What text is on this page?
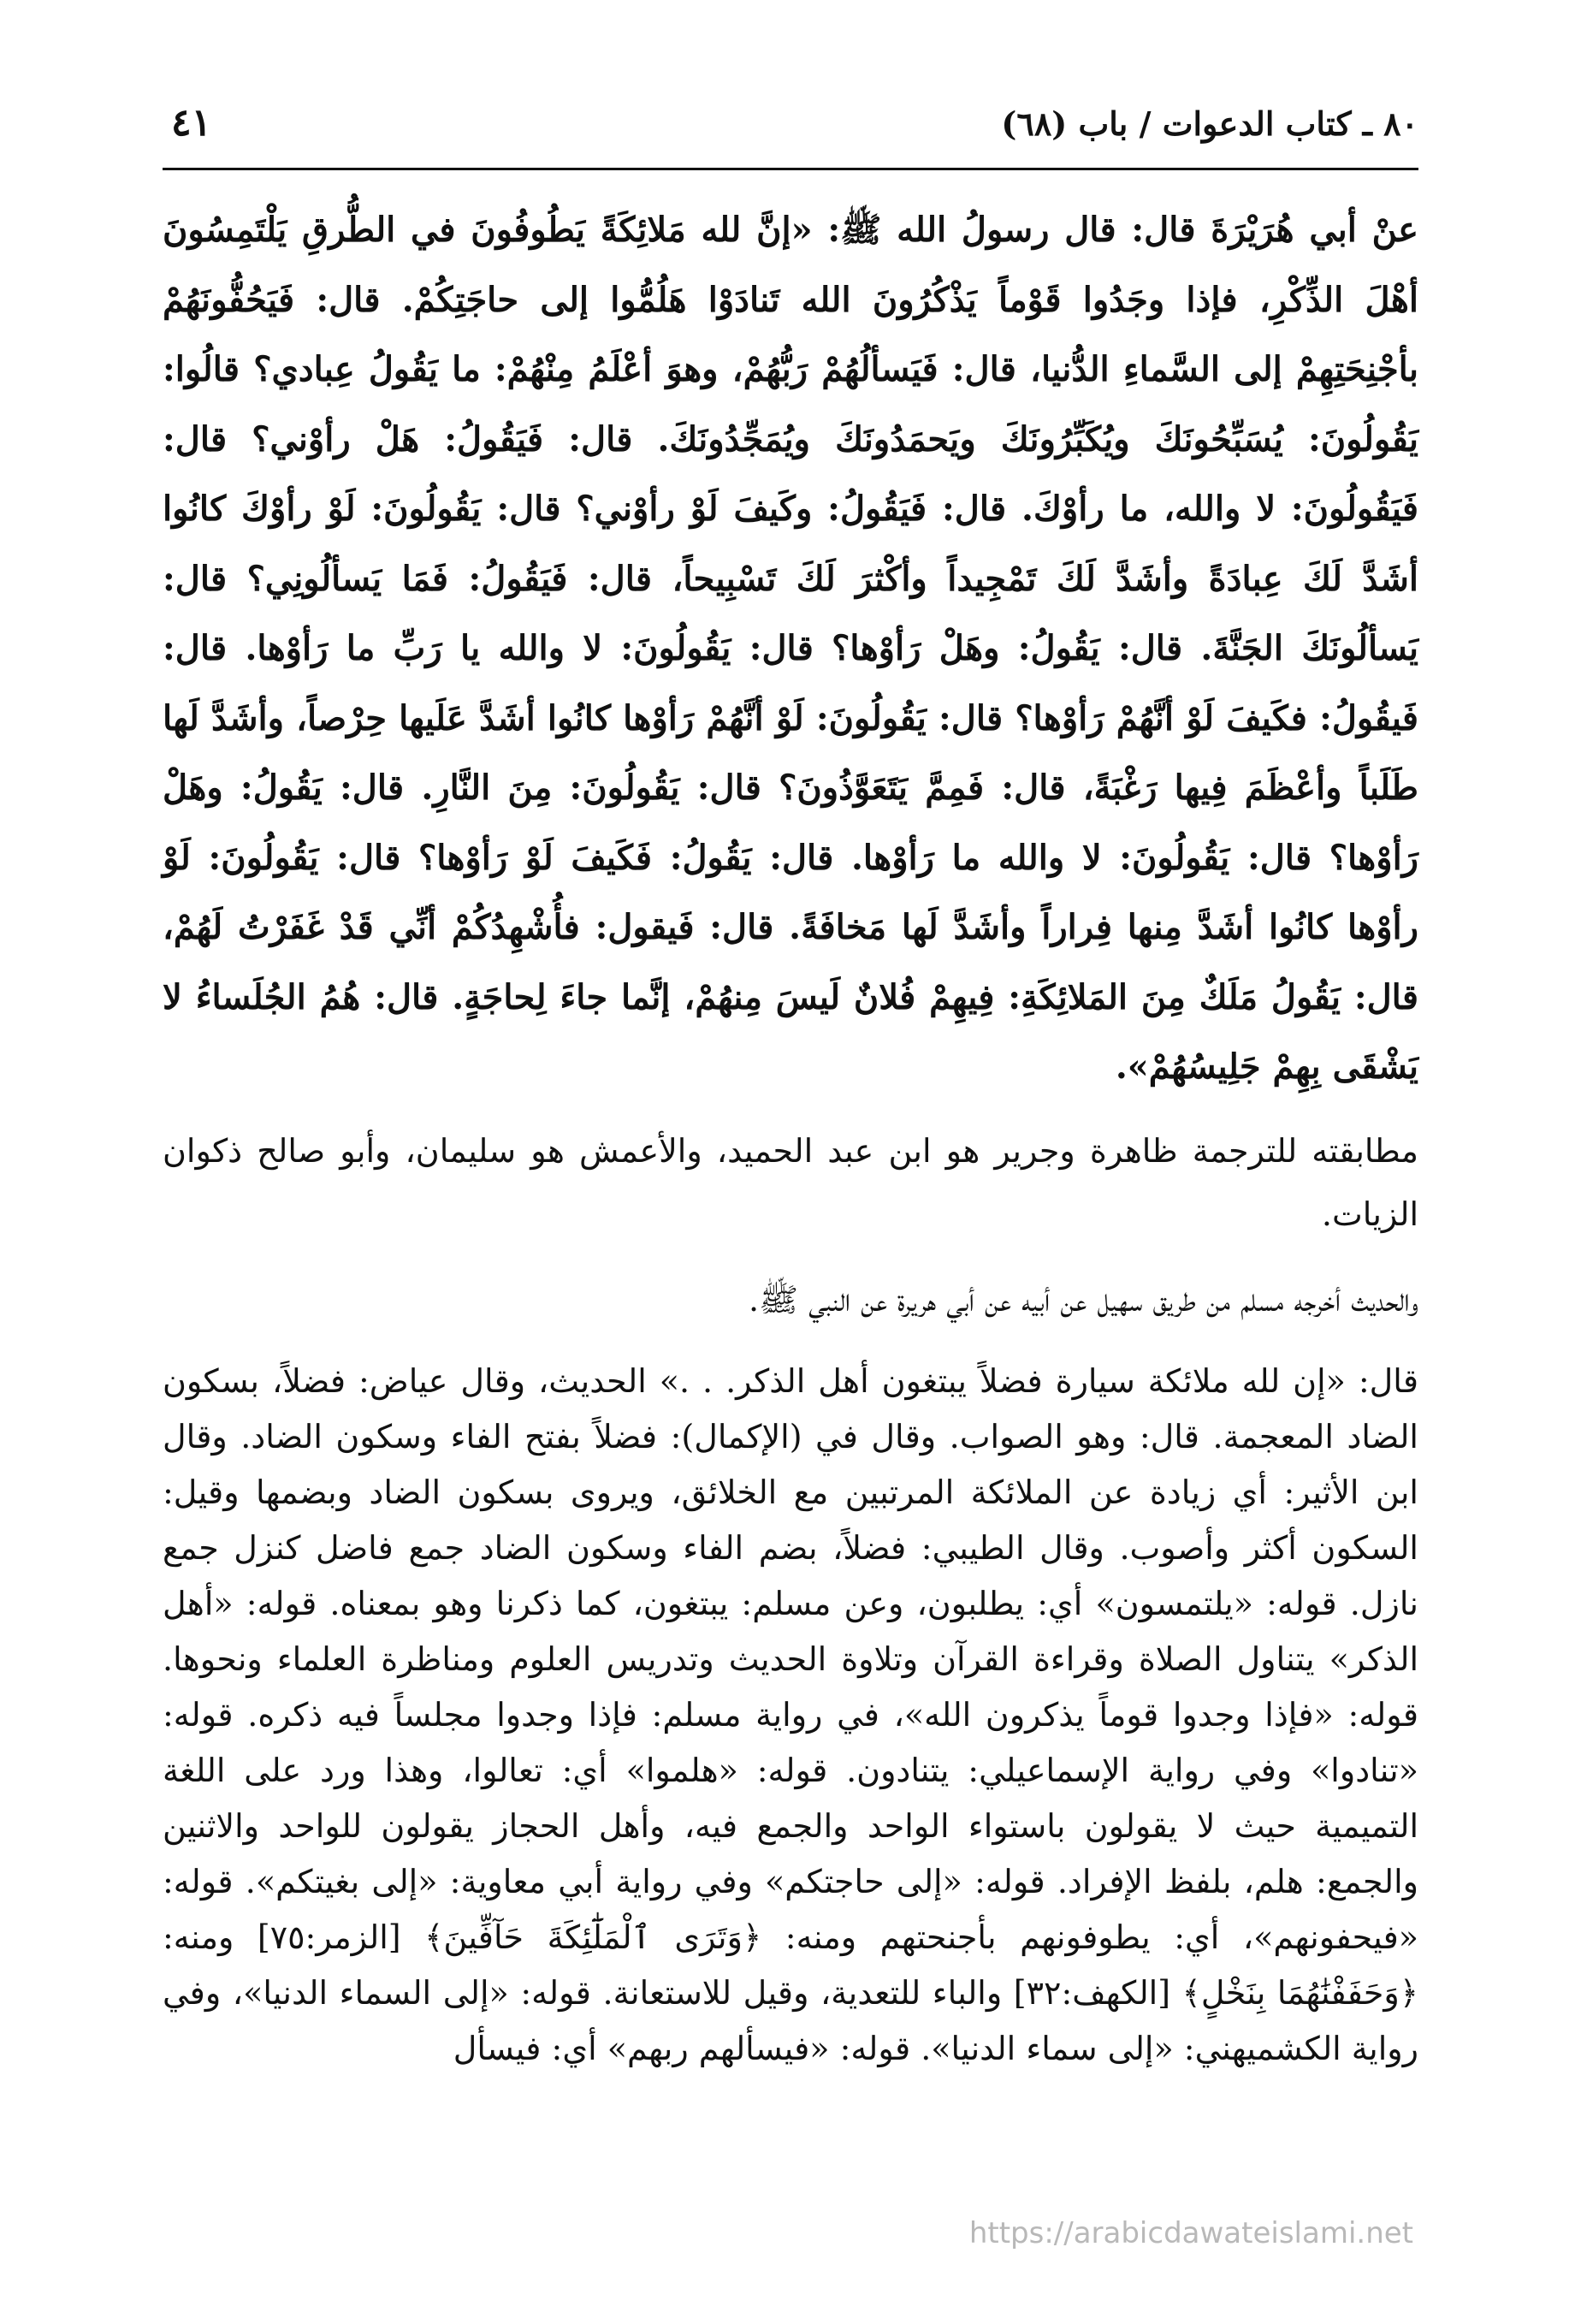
٨٠ ـ كتاب الدعوات / باب (٦٨)
٤١

عنْ أبي هُرَيْرَةَ قال: قال رسولُ الله ﷺ: «إنَّ لله مَلائِكَةً يَطُوفُونَ في الطُّرقِ يَلْتَمِسُونَ أهْلَ الذِّكْرِ، فإذا وجَدُوا قَوْماً يَذْكُرُونَ الله تَنادَوْا هَلُمُّوا إلى حاجَتِكُمْ. قال: فَيَحُفُّونَهُمْ بأجْنِحَتِهِمْ إلى السَّماءِ الدُّنيا، قال: فَيَسألُهُمْ رَبُّهُمْ، وهوَ أعْلَمُ مِنْهُمْ: ما يَقُولُ عِبادي؟ قالُوا: يَقُولُونَ: يُسَبِّحُونَكَ ويُكَبِّرُونَكَ ويَحمَدُونَكَ ويُمَجِّدُونَكَ. قال: فَيَقُولُ: هَلْ رأوْني؟ قال: فَيَقُولُونَ: لا والله، ما رأوْكَ. قال: فَيَقُولُ: وكَيفَ لَوْ رأوْني؟ قال: يَقُولُونَ: لَوْ رأوْكَ كانُوا أشَدَّ لَكَ عِبادَةً وأشَدَّ لَكَ تَمْجِيداً وأكْثرَ لَكَ تَسْبِيحاً، قال: فَيَقُولُ: فَمَا يَسألُونِي؟ قال: يَسألُونَكَ الجَنَّةَ. قال: يَقُولُ: وهَلْ رَأوْها؟ قال: يَقُولُونَ: لا والله يا رَبِّ ما رَأوْها. قال: فَيقُولُ: فكَيفَ لَوْ أنَّهُمْ رَأوْها؟ قال: يَقُولُونَ: لَوْ أنَّهُمْ رَأوْها كانُوا أشَدَّ عَلَيها حِرْصاً، وأشَدَّ لَها طَلَباً وأعْظَمَ فِيها رَغْبَةً، قال: فَمِمَّ يَتَعَوَّذُونَ؟ قال: يَقُولُونَ: مِنَ النَّارِ. قال: يَقُولُ: وهَلْ رَأوْها؟ قال: يَقُولُونَ: لا والله ما رَأوْها. قال: يَقُولُ: فَكَيفَ لَوْ رَأوْها؟ قال: يَقُولُونَ: لَوْ رأوْها كانُوا أشَدَّ مِنها فِراراً وأشَدَّ لَها مَخافَةً. قال: فَيقول: فأُشْهِدُكُمْ أنِّي قَدْ غَفَرْتُ لَهُمْ، قال: يَقُولُ مَلَكٌ مِنَ المَلائِكَةِ: فِيهِمْ فُلانٌ لَيسَ مِنهُمْ، إنَّما جاءَ لِحاجَةٍ. قال: هُمُ الجُلَساءُ لا يَشْقَى بِهِمْ جَلِيسُهُمْ».

مطابقته للترجمة ظاهرة وجرير هو ابن عبد الحميد، والأعمش هو سليمان، وأبو صالح ذكوان الزيات.

والحديث أخرجه مسلم من طريق سهيل عن أبيه عن أبي هريرة عن النبي ﷺ.

قال: «إن لله ملائكة سيارة فضلاً يبتغون أهل الذكر. . .» الحديث، وقال عياض: فضلاً، بسكون الضاد المعجمة. قال: وهو الصواب. وقال في (الإكمال): فضلاً بفتح الفاء وسكون الضاد. وقال ابن الأثير: أي زيادة عن الملائكة المرتبين مع الخلائق، ويروى بسكون الضاد وبضمها وقيل: السكون أكثر وأصوب. وقال الطيبي: فضلاً، بضم الفاء وسكون الضاد جمع فاضل كنزل جمع نازل. قوله: «يلتمسون» أي: يطلبون، وعن مسلم: يبتغون، كما ذكرنا وهو بمعناه. قوله: «أهل الذكر» يتناول الصلاة وقراءة القرآن وتلاوة الحديث وتدريس العلوم ومناظرة العلماء ونحوها. قوله: «فإذا وجدوا قوماً يذكرون الله»، في رواية مسلم: فإذا وجدوا مجلساً فيه ذكره. قوله: «تنادوا» وفي رواية الإسماعيلي: يتنادون. قوله: «هلموا» أي: تعالوا، وهذا ورد على اللغة التميمية حيث لا يقولون باستواء الواحد والجمع فيه، وأهل الحجاز يقولون للواحد والاثنين والجمع: هلم، بلفظ الإفراد. قوله: «إلى حاجتكم» وفي رواية أبي معاوية: «إلى بغيتكم». قوله: «فيحفونهم»، أي: يطوفونهم بأجنحتهم ومنه: ﴿وَتَرَى ٱلْمَلَٰٓئِكَةَ حَآفِّينَ﴾ [الزمر:٧٥] ومنه: ﴿وَحَفَفْنَٰهُمَا بِنَخْلٍ﴾ [الكهف:٣٢] والباء للتعدية، وقيل للاستعانة. قوله: «إلى السماء الدنيا»، وفي رواية الكشميهني: «إلى سماء الدنيا». قوله: «فيسألهم ربهم» أي: فيسأل

https://arabicdawateislami.net
